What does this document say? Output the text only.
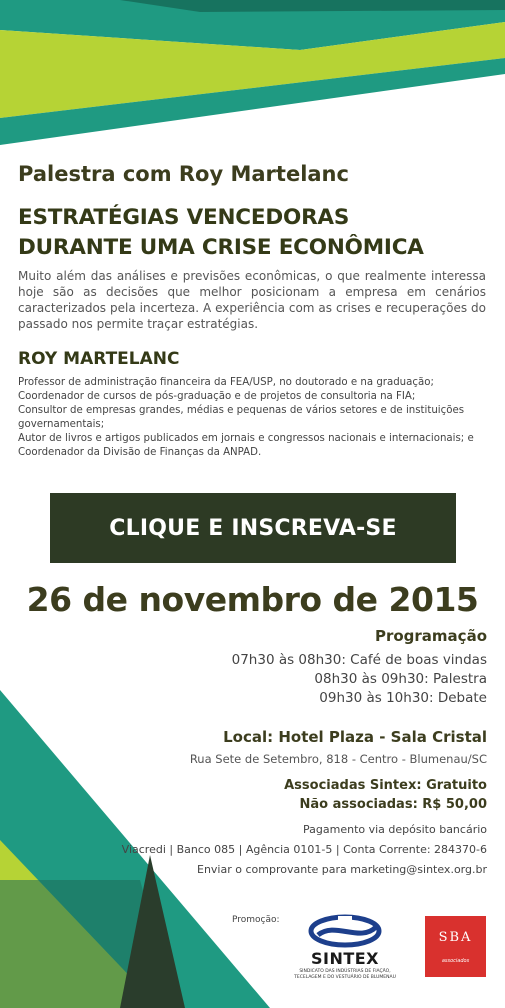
Palestra com Roy Martelanc
ESTRATÉGIAS VENCEDORAS
DURANTE UMA CRISE ECONÔMICA
Muito além das análises e previsões econômicas, o que realmente interessa hoje são as decisões que melhor posicionam a empresa em cenários caracterizados pela incerteza. A experiência com as crises e recuperações do passado nos permite traçar estratégias.
ROY MARTELANC
Professor de administração financeira da FEA/USP, no doutorado e na graduação;
Coordenador de cursos de pós-graduação e de projetos de consultoria na FIA;
Consultor de empresas grandes, médias e pequenas de vários setores e de instituições governamentais;
Autor de livros e artigos publicados em jornais e congressos nacionais e internacionais; e
Coordenador da Divisão de Finanças da ANPAD.
CLIQUE E INSCREVA-SE
26 de novembro de 2015
Programação
07h30 às 08h30: Café de boas vindas
08h30 às 09h30: Palestra
09h30 às 10h30: Debate
Local: Hotel Plaza - Sala Cristal
Rua Sete de Setembro, 818 - Centro - Blumenau/SC
Associadas Sintex: Gratuito
Não associadas: R$ 50,00
Pagamento via depósito bancário
Viacredi | Banco 085 | Agência 0101-5 | Conta Corrente: 284370-6
Enviar o comprovante para marketing@sintex.org.br
Promoção:
SINTEX
SINDICATO DAS INDÚSTRIAS DE FIAÇÃO,
TECELAGEM E DO VESTUÁRIO DE BLUMENAU
SBA
associados
